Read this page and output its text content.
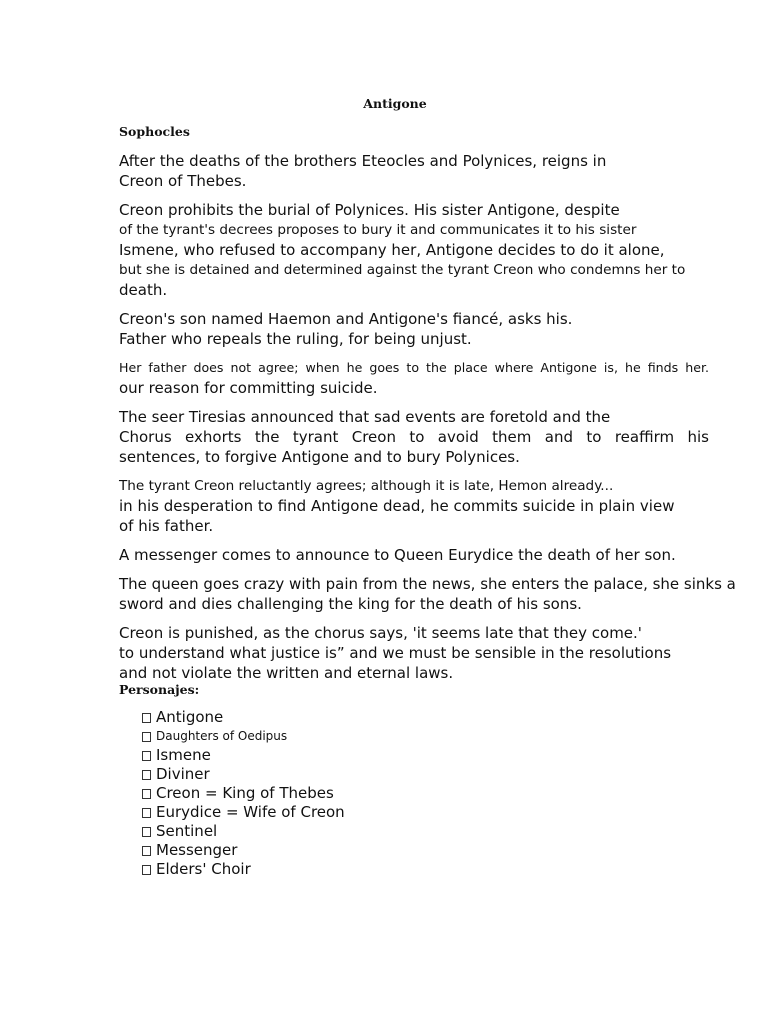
Antigone
Sophocles
After the deaths of the brothers Eteocles and Polynices, reigns in
Creon of Thebes.
Creon prohibits the burial of Polynices. His sister Antigone, despite
of the tyrant's decrees proposes to bury it and communicates it to his sister
Ismene, who refused to accompany her, Antigone decides to do it alone,
but she is detained and determined against the tyrant Creon who condemns her to
death.
Creon's son named Haemon and Antigone's fiancé, asks his.
Father who repeals the ruling, for being unjust.
Her father does not agree; when he goes to the place where Antigone is, he finds her.
our reason for committing suicide.
The seer Tiresias announced that sad events are foretold and the
Chorus exhorts the tyrant Creon to avoid them and to reaffirm his
sentences, to forgive Antigone and to bury Polynices.
The tyrant Creon reluctantly agrees; although it is late, Hemon already...
in his desperation to find Antigone dead, he commits suicide in plain view
of his father.
A messenger comes to announce to Queen Eurydice the death of her son.
The queen goes crazy with pain from the news, she enters the palace, she sinks a
sword and dies challenging the king for the death of his sons.
Creon is punished, as the chorus says, 'it seems late that they come.'
to understand what justice is” and we must be sensible in the resolutions
and not violate the written and eternal laws.
Personajes:
Antigone
Daughters of Oedipus
Ismene
Diviner
Creon = King of Thebes
Eurydice = Wife of Creon
Sentinel
Messenger
Elders' Choir
